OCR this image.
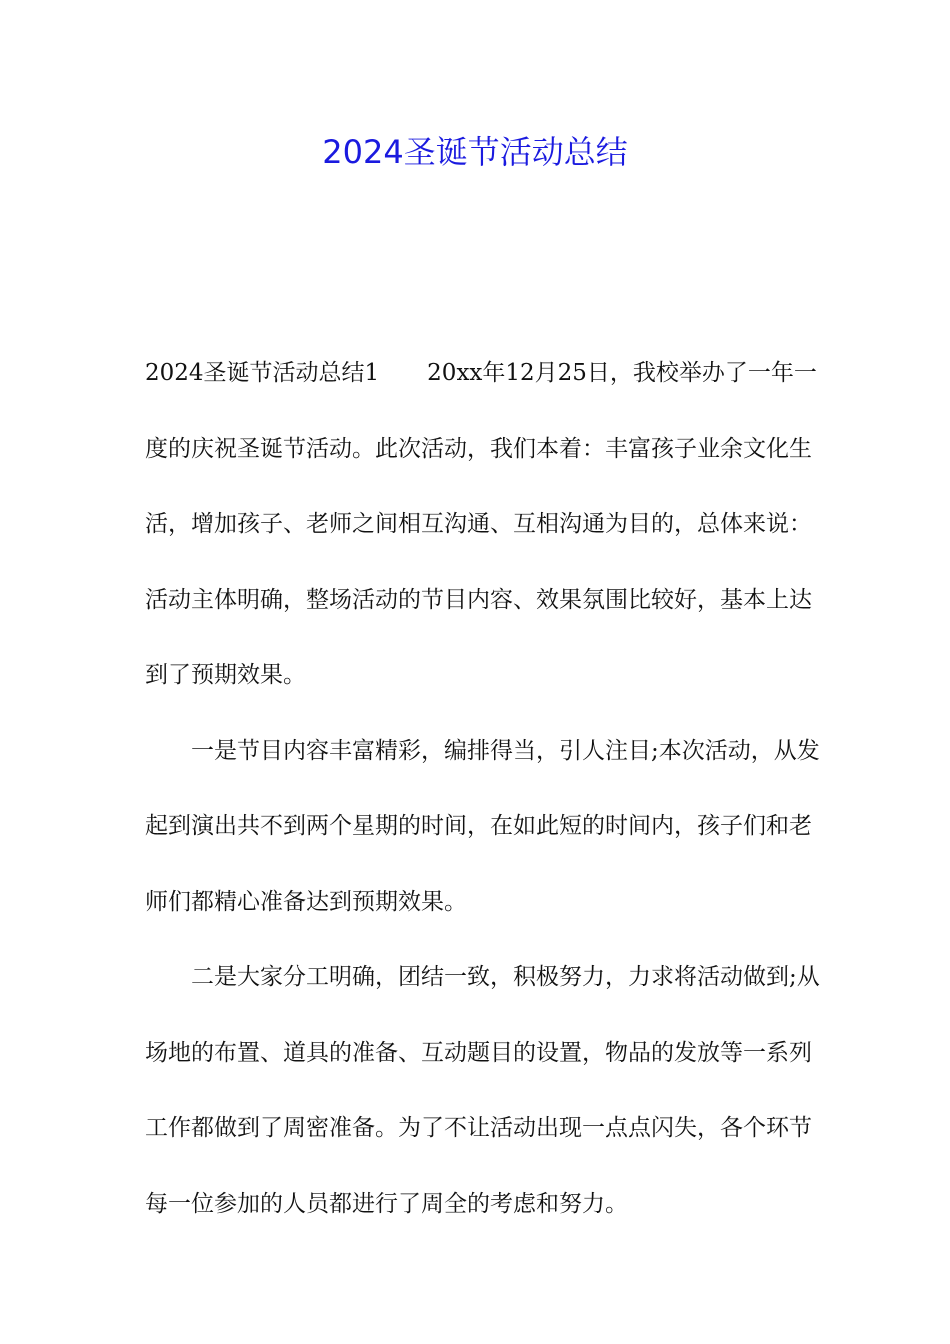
2024圣诞节活动总结

2024圣诞节活动总结1 20xx年12月25日，我校举办了一年一度的庆祝圣诞节活动。此次活动，我们本着：丰富孩子业余文化生活，增加孩子、老师之间相互沟通、互相沟通为目的，总体来说：活动主体明确，整场活动的节目内容、效果氛围比较好，基本上达到了预期效果。

一是节目内容丰富精彩，编排得当，引人注目;本次活动，从发起到演出共不到两个星期的时间，在如此短的时间内，孩子们和老师们都精心准备达到预期效果。

二是大家分工明确，团结一致，积极努力，力求将活动做到;从场地的布置、道具的准备、互动题目的设置，物品的发放等一系列工作都做到了周密准备。为了不让活动出现一点点闪失，各个环节每一位参加的人员都进行了周全的考虑和努力。
